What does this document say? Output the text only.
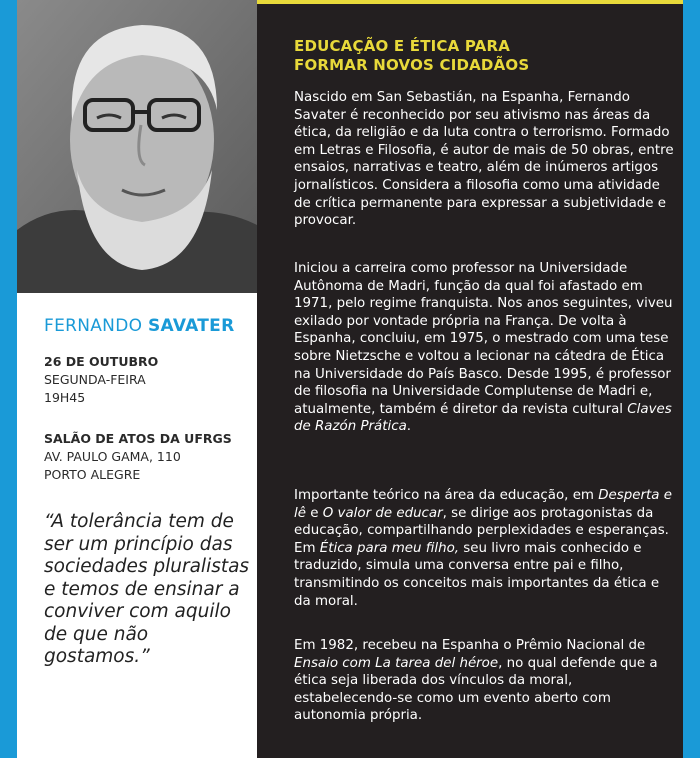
FERNANDO SAVATER
26 DE OUTUBRO
SEGUNDA-FEIRA
19H45
SALÃO DE ATOS DA UFRGS
AV. PAULO GAMA, 110
PORTO ALEGRE
“A tolerância tem de ser um princípio das sociedades pluralistas e temos de ensinar a conviver com aquilo de que não gostamos.”
EDUCAÇÃO E ÉTICA PARA
FORMAR NOVOS CIDADÃOS
Nascido em San Sebastián, na Espanha, Fernando Savater é reconhecido por seu ativismo nas áreas da ética, da religião e da luta contra o terrorismo. Formado em Letras e Filosofia, é autor de mais de 50 obras, entre ensaios, narrativas e teatro, além de inúmeros artigos jornalísticos. Considera a filosofia como uma atividade de crítica permanente para expressar a subjetividade e provocar.
Iniciou a carreira como professor na Universidade Autônoma de Madri, função da qual foi afastado em 1971, pelo regime franquista. Nos anos seguintes, viveu exilado por vontade própria na França. De volta à Espanha, concluiu, em 1975, o mestrado com uma tese sobre Nietzsche e voltou a lecionar na cátedra de Ética na Universidade do País Basco. Desde 1995, é professor de filosofia na Universidade Complutense de Madri e, atualmente, também é diretor da revista cultural Claves de Razón Prática.
Importante teórico na área da educação, em Desperta e lê e O valor de educar, se dirige aos protagonistas da educação, compartilhando perplexidades e esperanças. Em Ética para meu filho, seu livro mais conhecido e traduzido, simula uma conversa entre pai e filho, transmitindo os conceitos mais importantes da ética e da moral.
Em 1982, recebeu na Espanha o Prêmio Nacional de Ensaio com La tarea del héroe, no qual defende que a ética seja liberada dos vínculos da moral, estabelecendo-se como um evento aberto com autonomia própria.
